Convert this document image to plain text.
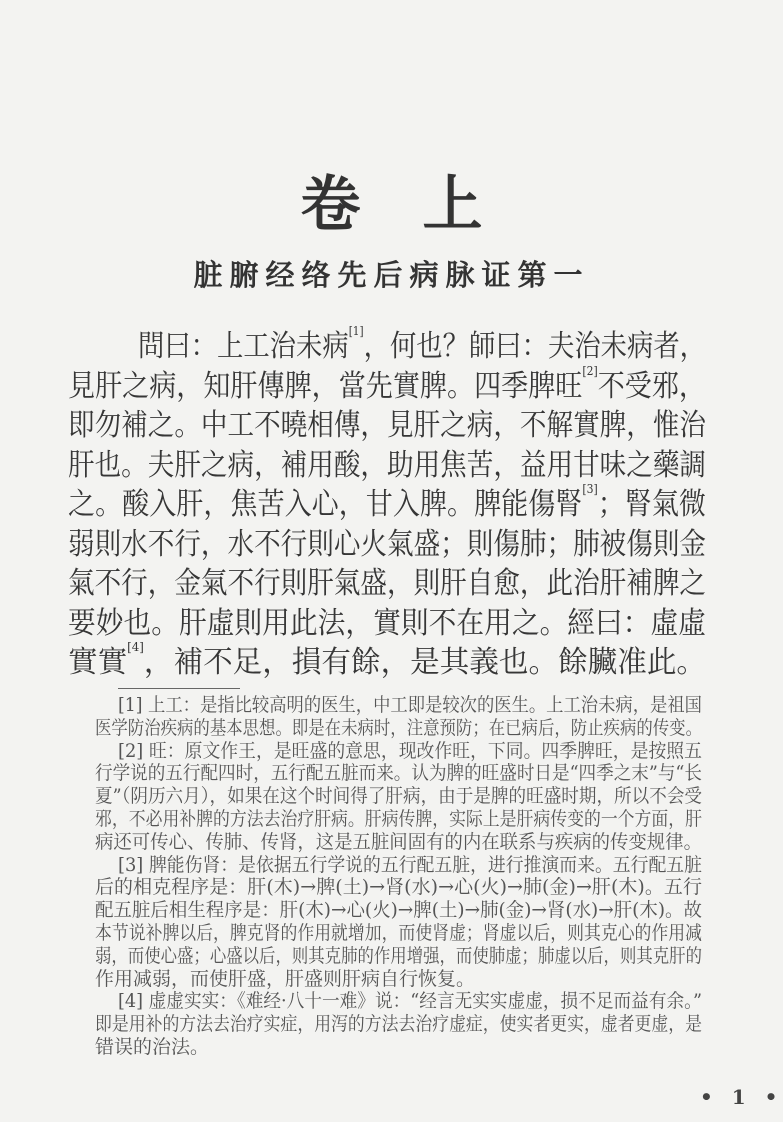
卷上
脏腑经络先后病脉证第一
問曰：上工治未病[1]，何也？師曰：夫治未病者，
見肝之病，知肝傳脾，當先實脾。四季脾旺[2]不受邪，
即勿補之。中工不曉相傳，見肝之病，不解實脾，惟治
肝也。夫肝之病，補用酸，助用焦苦，益用甘味之藥調
之。酸入肝，焦苦入心，甘入脾。脾能傷腎[3]；腎氣微
弱則水不行，水不行則心火氣盛；則傷肺；肺被傷則金
氣不行，金氣不行則肝氣盛，則肝自愈，此治肝補脾之
要妙也。肝虛則用此法，實則不在用之。經曰：虛虛
實實[4]，補不足，損有餘，是其義也。餘臟准此。
[1] 上工：是指比较高明的医生，中工即是较次的医生。上工治未病，是祖国
医学防治疾病的基本思想。即是在未病时，注意预防；在已病后，防止疾病的传变。
[2] 旺：原文作王，是旺盛的意思，现改作旺，下同。四季脾旺，是按照五
行学说的五行配四时，五行配五脏而来。认为脾的旺盛时日是“四季之末”与“长
夏”（阴历六月），如果在这个时间得了肝病，由于是脾的旺盛时期，所以不会受
邪，不必用补脾的方法去治疗肝病。肝病传脾，实际上是肝病传变的一个方面，肝
病还可传心、传肺、传肾，这是五脏间固有的内在联系与疾病的传变规律。
[3] 脾能伤肾：是依据五行学说的五行配五脏，进行推演而来。五行配五脏
后的相克程序是：肝(木)→脾(土)→肾(水)→心(火)→肺(金)→肝(木)。五行
配五脏后相生程序是：肝(木)→心(火)→脾(土)→肺(金)→肾(水)→肝(木)。故
本节说补脾以后，脾克肾的作用就增加，而使肾虚；肾虚以后，则其克心的作用减
弱，而使心盛；心盛以后，则其克肺的作用增强，而使肺虚；肺虚以后，则其克肝的
作用减弱，而使肝盛，肝盛则肝病自行恢复。
[4] 虚虚实实：《难经·八十一难》说：“经言无实实虚虚，损不足而益有余。”
即是用补的方法去治疗实症，用泻的方法去治疗虚症，使实者更实，虚者更虚，是
错误的治法。
• 1 •
